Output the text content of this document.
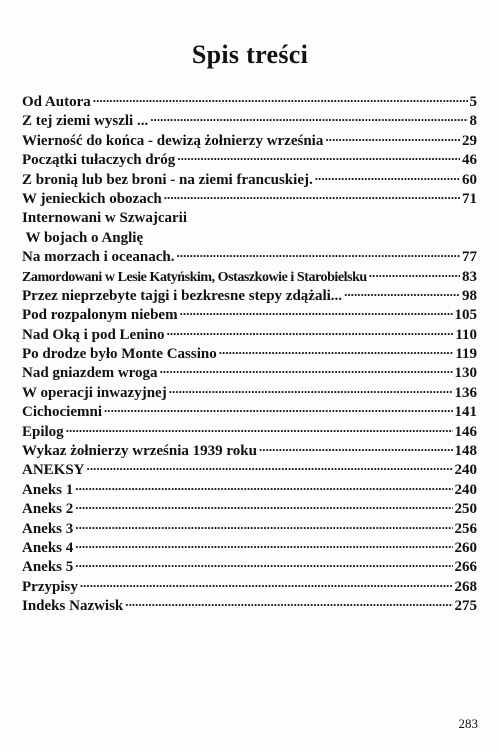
Spis treści
Od Autora . . .	5
Z tej ziemi wyszli ... . . .	8
Wierność do końca - dewizą żołnierzy września . . .	29
Początki tułaczych dróg . . .	46
Z bronią lub bez broni - na ziemi francuskiej. . . .	60
W jenieckich obozach . . .	71
Internowani w Szwajcarii
W bojach o Anglię
Na morzach i oceanach. . . .	77
Zamordowani w Lesie Katyńskim, Ostaszkowie i Starobielsku . . .	83
Przez nieprzebyte tajgi i bezkresne stepy zdążali... . . .	98
Pod rozpalonym niebem . . .	105
Nad Oką i pod Lenino . . .	110
Po drodze było Monte Cassino . . .	119
Nad gniazdem wroga . . .	130
W operacji inwazyjnej . . .	136
Cichociemni . . .	141
Epilog . . .	146
Wykaz żołnierzy września 1939 roku . . .	148
ANEKSY . . .	240
Aneks 1 . . .	240
Aneks 2 . . .	250
Aneks 3 . . .	256
Aneks 4 . . .	260
Aneks 5 . . .	266
Przypisy . . .	268
Indeks Nazwisk . . .	275
283
